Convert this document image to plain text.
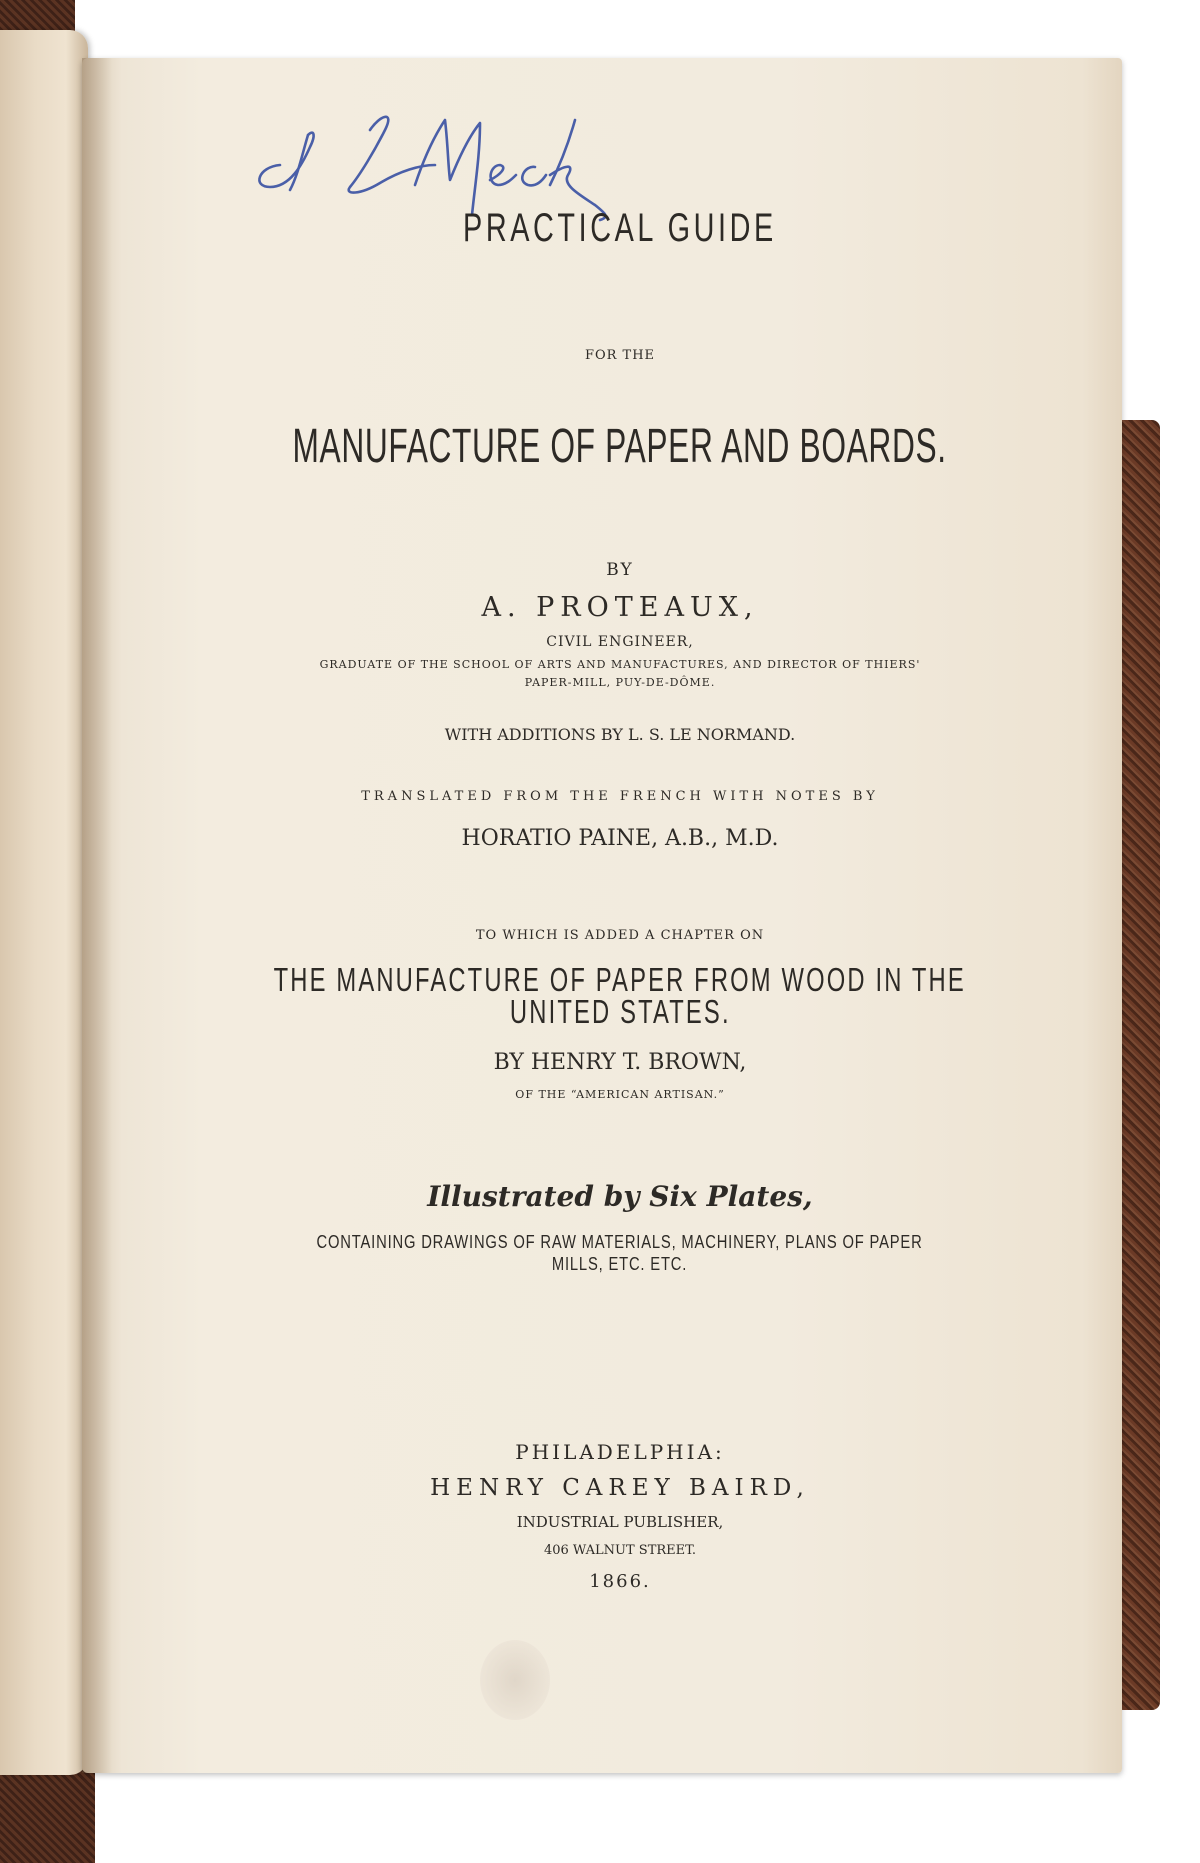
PRACTICAL GUIDE

FOR THE

MANUFACTURE OF PAPER AND BOARDS.

BY

A. PROTEAUX,

CIVIL ENGINEER,

GRADUATE OF THE SCHOOL OF ARTS AND MANUFACTURES, AND DIRECTOR OF THIERS'

PAPER-MILL, PUY-DE-DÔME.

WITH ADDITIONS BY L. S. LE NORMAND.

TRANSLATED FROM THE FRENCH WITH NOTES BY

HORATIO PAINE, A.B., M.D.

TO WHICH IS ADDED A CHAPTER ON

THE MANUFACTURE OF PAPER FROM WOOD IN THE

UNITED STATES.

BY HENRY T. BROWN,

OF THE “AMERICAN ARTISAN.”

Illustrated by Six Plates,

CONTAINING DRAWINGS OF RAW MATERIALS, MACHINERY, PLANS OF PAPER

MILLS, ETC. ETC.

PHILADELPHIA:

HENRY CAREY BAIRD,

INDUSTRIAL PUBLISHER,

406 WALNUT STREET.

1866.
